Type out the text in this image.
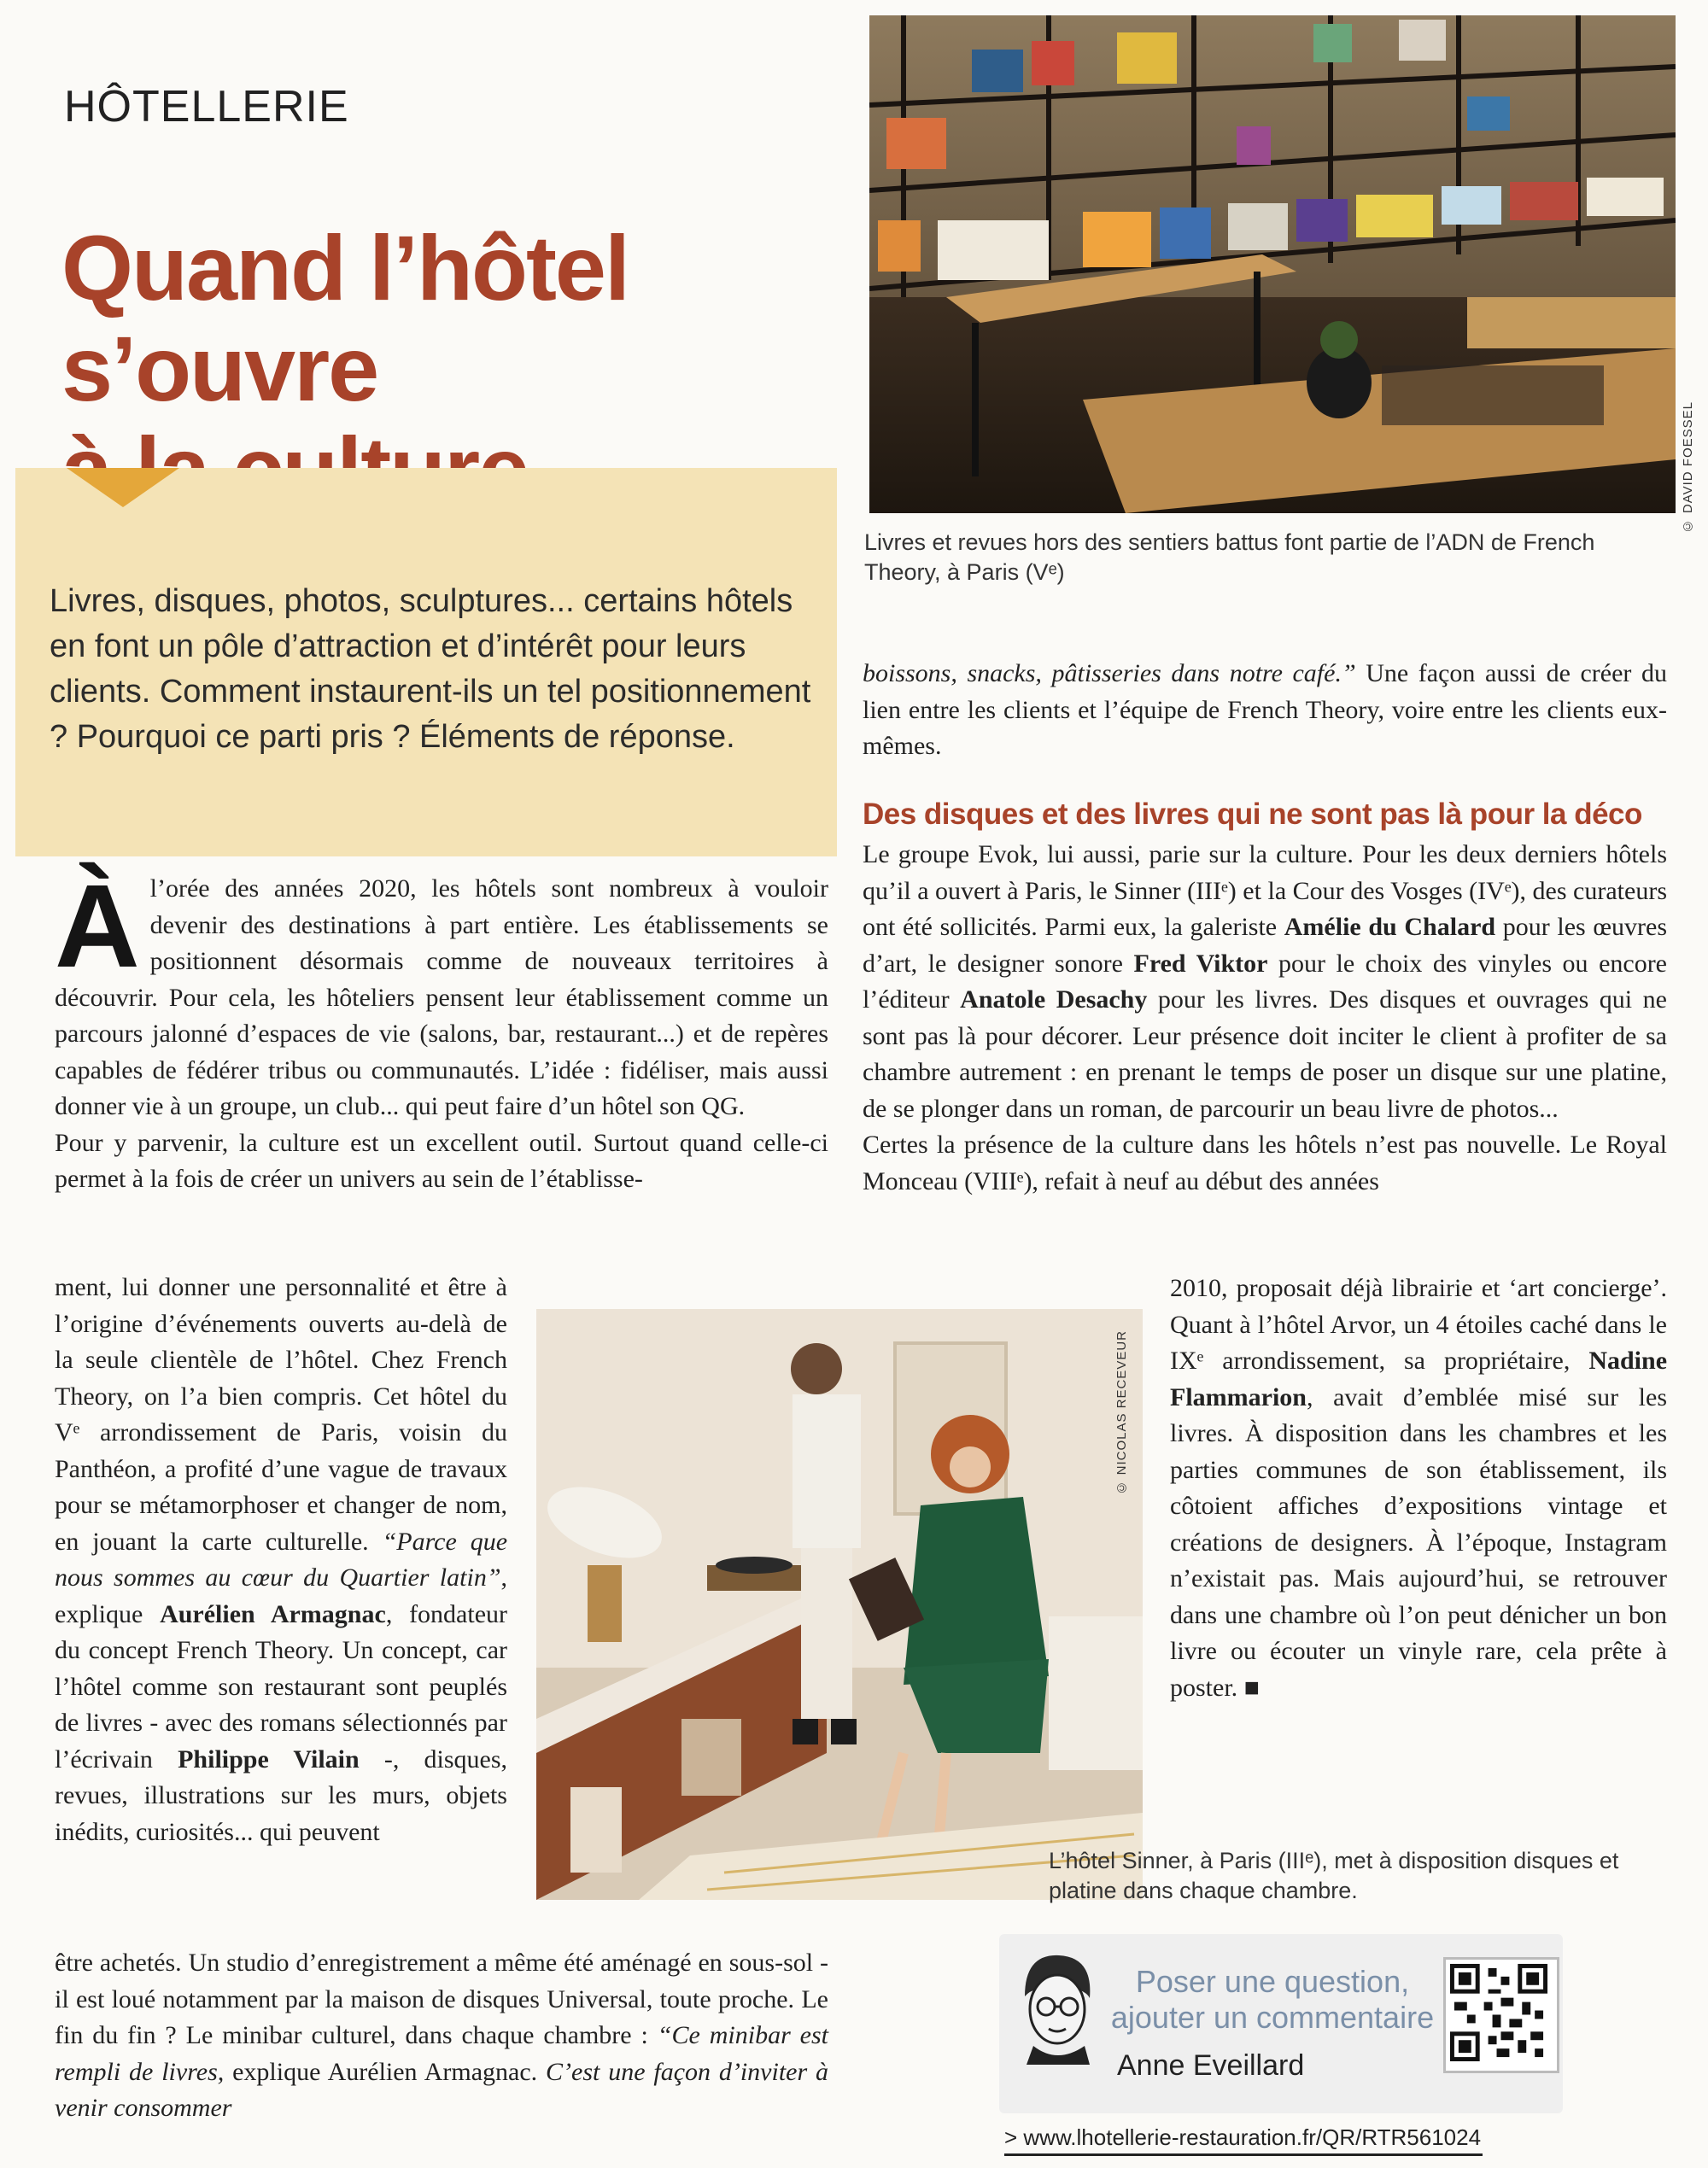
HÔTELLERIE
Quand l’hôtel s’ouvre
Livres, disques, photos, sculptures... certains hôtels en font un pôle d’attraction et d’intérêt pour leurs clients. Comment instaurent-ils un tel positionnement ? Pourquoi ce parti pris ? Éléments de réponse.
© DAVID FOESSEL
Livres et revues hors des sentiers battus font partie de l’ADN de French Theory, à Paris (Vᵉ)

Àl’orée des années 2020, les hôtels sont nombreux à vouloir devenir des destinations à part entière. Les établissements se positionnent désormais comme de nouveaux territoires à découvrir. Pour cela, les hôteliers pensent leur établissement comme un parcours jalonné d’espaces de vie (salons, bar, restaurant...) et de repères capables de fédérer tribus ou communautés. L’idée : fidéliser, mais aussi donner vie à un groupe, un club... qui peut faire d’un hôtel son QG.

Pour y parvenir, la culture est un excellent outil. Surtout quand celle-ci permet à la fois de créer un univers au sein de l’établisse-

ment, lui donner une personnalité et être à l’origine d’événements ouverts au-delà de la seule clientèle de l’hôtel. Chez French Theory, on l’a bien compris. Cet hôtel du Vᵉ arrondissement de Paris, voisin du Panthéon, a profité d’une vague de travaux pour se métamorphoser et changer de nom, en jouant la carte culturelle. “Parce que nous sommes au cœur du Quartier latin”, explique Aurélien Armagnac, fondateur du concept French Theory. Un concept, car l’hôtel comme son restaurant sont peuplés de livres - avec des romans sélectionnés par l’écrivain Philippe Vilain -, disques, revues, illustrations sur les murs, objets inédits, curiosités... qui peuvent

être achetés. Un studio d’enregistrement a même été aménagé en sous-sol - il est loué notamment par la maison de disques Universal, toute proche. Le fin du fin ? Le minibar culturel, dans chaque chambre : “Ce minibar est rempli de livres, explique Aurélien Armagnac. C’est une façon d’inviter à venir consommer

© NICOLAS RECEVEUR
L’hôtel Sinner, à Paris (IIIᵉ), met à disposition disques et platine dans chaque chambre.

boissons, snacks, pâtisseries dans notre café.” Une façon aussi de créer du lien entre les clients et l’équipe de French Theory, voire entre les clients eux-mêmes.

Des disques et des livres qui ne sont pas là pour la déco

Le groupe Evok, lui aussi, parie sur la culture. Pour les deux derniers hôtels qu’il a ouvert à Paris, le Sinner (IIIᵉ) et la Cour des Vosges (IVᵉ), des curateurs ont été sollicités. Parmi eux, la galeriste Amélie du Chalard pour les œuvres d’art, le designer sonore Fred Viktor pour le choix des vinyles ou encore l’éditeur Anatole Desachy pour les livres. Des disques et ouvrages qui ne sont pas là pour décorer. Leur présence doit inciter le client à profiter de sa chambre autrement : en prenant le temps de poser un disque sur une platine, de se plonger dans un roman, de parcourir un beau livre de photos...

Certes la présence de la culture dans les hôtels n’est pas nouvelle. Le Royal Monceau (VIIIᵉ), refait à neuf au début des années

2010, proposait déjà librairie et ‘art concierge’. Quant à l’hôtel Arvor, un 4 étoiles caché dans le IXᵉ arrondissement, sa propriétaire, Nadine Flammarion, avait d’emblée misé sur les livres. À disposition dans les chambres et les parties communes de son établissement, ils côtoient affiches d’expositions vintage et créations de designers. À l’époque, Instagram n’existait pas. Mais aujourd’hui, se retrouver dans une chambre où l’on peut dénicher un bon livre ou écouter un vinyle rare, cela prête à poster. ■

Poser une question,
ajouter un commentaire
Anne Eveillard
> www.lhotellerie-restauration.fr/QR/RTR561024
